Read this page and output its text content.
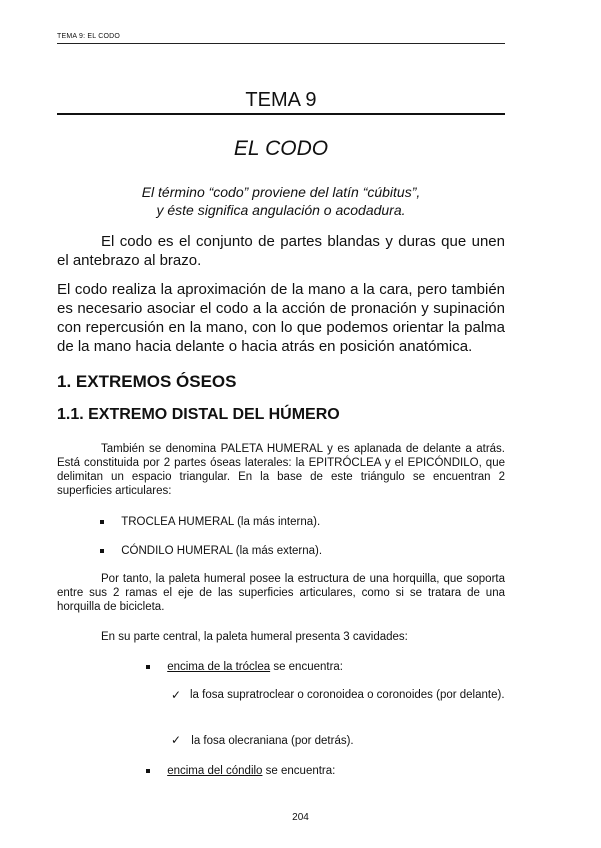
TEMA 9: EL CODO
TEMA 9
EL CODO
El término “codo” proviene del latín “cúbitus”,
y éste significa angulación o acodadura.
El codo es el conjunto de partes blandas y duras que unen el antebrazo al brazo.
El codo realiza la aproximación de la mano a la cara, pero también es necesario asociar el codo a la acción de pronación y supinación con repercusión en la mano, con lo que podemos orientar la palma de la mano hacia delante o hacia atrás en posición anatómica.
1. EXTREMOS ÓSEOS
1.1. EXTREMO DISTAL DEL HÚMERO
También se denomina PALETA HUMERAL y es aplanada de delante a atrás. Está constituida por 2 partes óseas laterales: la EPITRÓCLEA y el EPICÓNDILO, que delimitan un espacio triangular. En la base de este triángulo se encuentran 2 superficies articulares:
TROCLEA HUMERAL (la más interna).
CÓNDILO HUMERAL (la más externa).
Por tanto, la paleta humeral posee la estructura de una horquilla, que soporta entre sus 2 ramas el eje de las superficies articulares, como si se tratara de una horquilla de bicicleta.
En su parte central, la paleta humeral presenta 3 cavidades:
encima de la tróclea se encuentra:
✓ la fosa supratroclear o coronoidea o coronoides (por delante).
✓ la fosa olecraniana (por detrás).
encima del cóndilo se encuentra:
204
